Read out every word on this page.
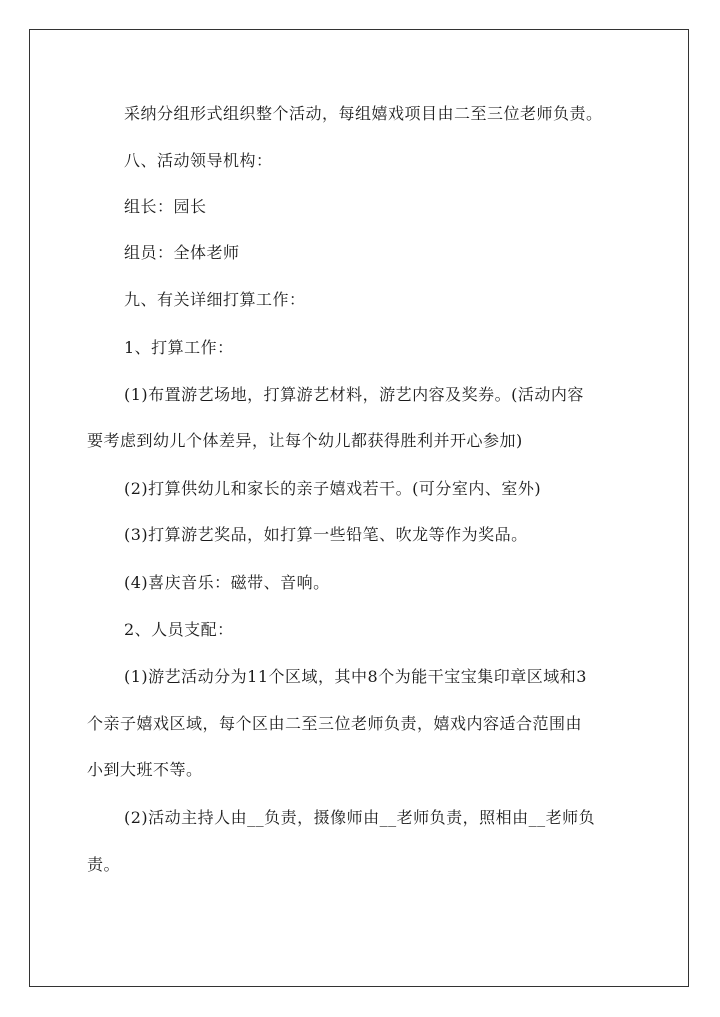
采纳分组形式组织整个活动，每组嬉戏项目由二至三位老师负责。
八、活动领导机构：
组长：园长
组员：全体老师
九、有关详细打算工作：
1、打算工作：
(1)布置游艺场地，打算游艺材料，游艺内容及奖券。(活动内容
要考虑到幼儿个体差异，让每个幼儿都获得胜利并开心参加)
(2)打算供幼儿和家长的亲子嬉戏若干。(可分室内、室外)
(3)打算游艺奖品，如打算一些铅笔、吹龙等作为奖品。
(4)喜庆音乐：磁带、音响。
2、人员支配：
(1)游艺活动分为11个区域，其中8个为能干宝宝集印章区域和3
个亲子嬉戏区域，每个区由二至三位老师负责，嬉戏内容适合范围由
小到大班不等。
(2)活动主持人由__负责，摄像师由__老师负责，照相由__老师负
责。
